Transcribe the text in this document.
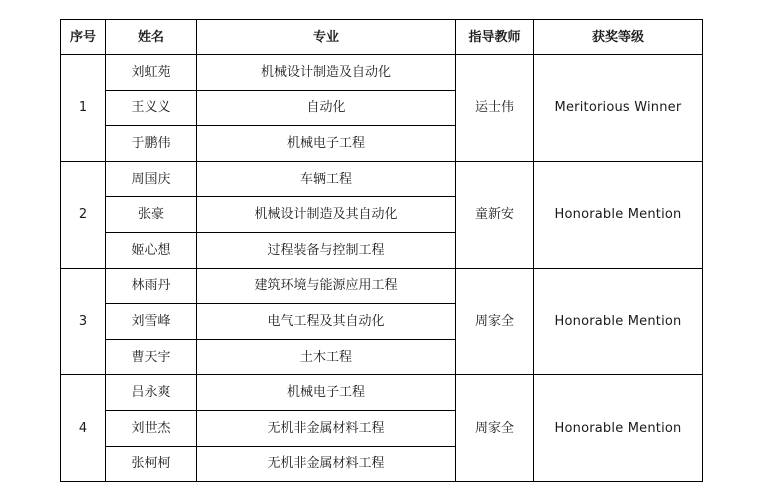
序号	姓名	专业	指导教师	获奖等级
1	刘虹苑	机械设计制造及自动化	运士伟	Meritorious Winner
	王义义	自动化		
	于鹏伟	机械电子工程		
2	周国庆	车辆工程	童新安	Honorable Mention
	张豪	机械设计制造及其自动化		
	姬心想	过程装备与控制工程		
3	林雨丹	建筑环境与能源应用工程	周家全	Honorable Mention
	刘雪峰	电气工程及其自动化		
	曹天宇	土木工程		
4	吕永爽	机械电子工程	周家全	Honorable Mention
	刘世杰	无机非金属材料工程		
	张柯柯	无机非金属材料工程		
